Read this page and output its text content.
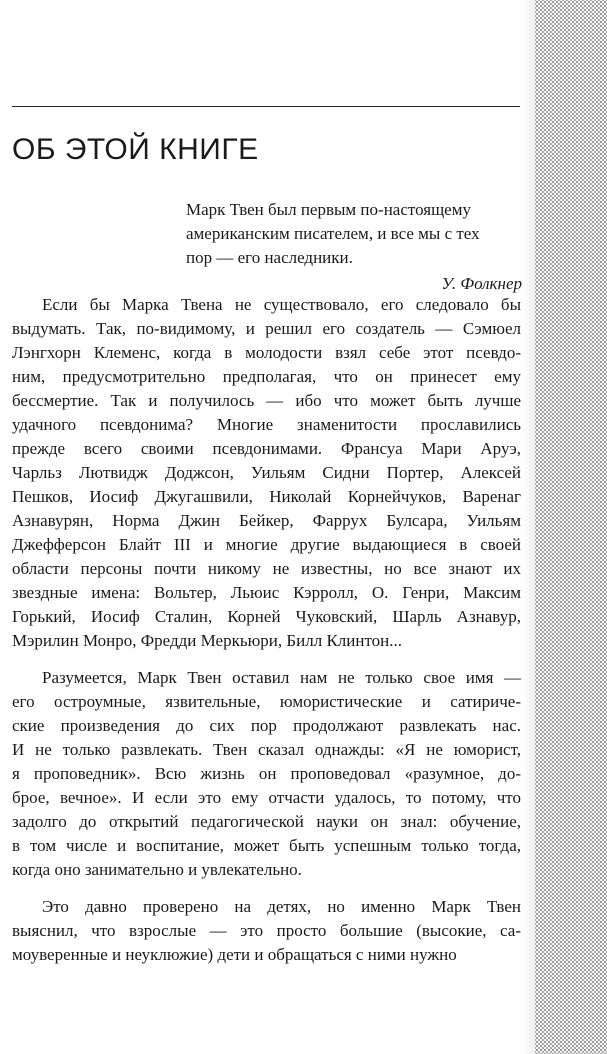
ОБ ЭТОЙ КНИГЕ
Марк Твен был первым по-настоящему
американским писателем, и все мы с тех
пор — его наследники.
У. Фолкнер
Если бы Марка Твена не существовало, его следовало бы
выдумать. Так, по-видимому, и решил его создатель — Сэмюел
Лэнгхорн Клеменс, когда в молодости взял себе этот псевдо-
ним, предусмотрительно предполагая, что он принесет ему
бессмертие. Так и получилось — ибо что может быть лучше
удачного псевдонима? Многие знаменитости прославились
прежде всего своими псевдонимами. Франсуа Мари Аруэ,
Чарльз Лютвидж Доджсон, Уильям Сидни Портер, Алексей
Пешков, Иосиф Джугашвили, Николай Корнейчуков, Варенаг
Азнавурян, Норма Джин Бейкер, Фаррух Булсара, Уильям
Джефферсон Блайт III и многие другие выдающиеся в своей
области персоны почти никому не известны, но все знают их
звездные имена: Вольтер, Льюис Кэрролл, О. Генри, Максим
Горький, Иосиф Сталин, Корней Чуковский, Шарль Азнавур,
Мэрилин Монро, Фредди Меркьюри, Билл Клинтон...
Разумеется, Марк Твен оставил нам не только свое имя —
его остроумные, язвительные, юмористические и сатириче-
ские произведения до сих пор продолжают развлекать нас.
И не только развлекать. Твен сказал однажды: «Я не юморист,
я проповедник». Всю жизнь он проповедовал «разумное, до-
брое, вечное». И если это ему отчасти удалось, то потому, что
задолго до открытий педагогической науки он знал: обучение,
в том числе и воспитание, может быть успешным только тогда,
когда оно занимательно и увлекательно.
Это давно проверено на детях, но именно Марк Твен
выяснил, что взрослые — это просто большие (высокие, са-
моуверенные и неуклюжие) дети и обращаться с ними нужно
